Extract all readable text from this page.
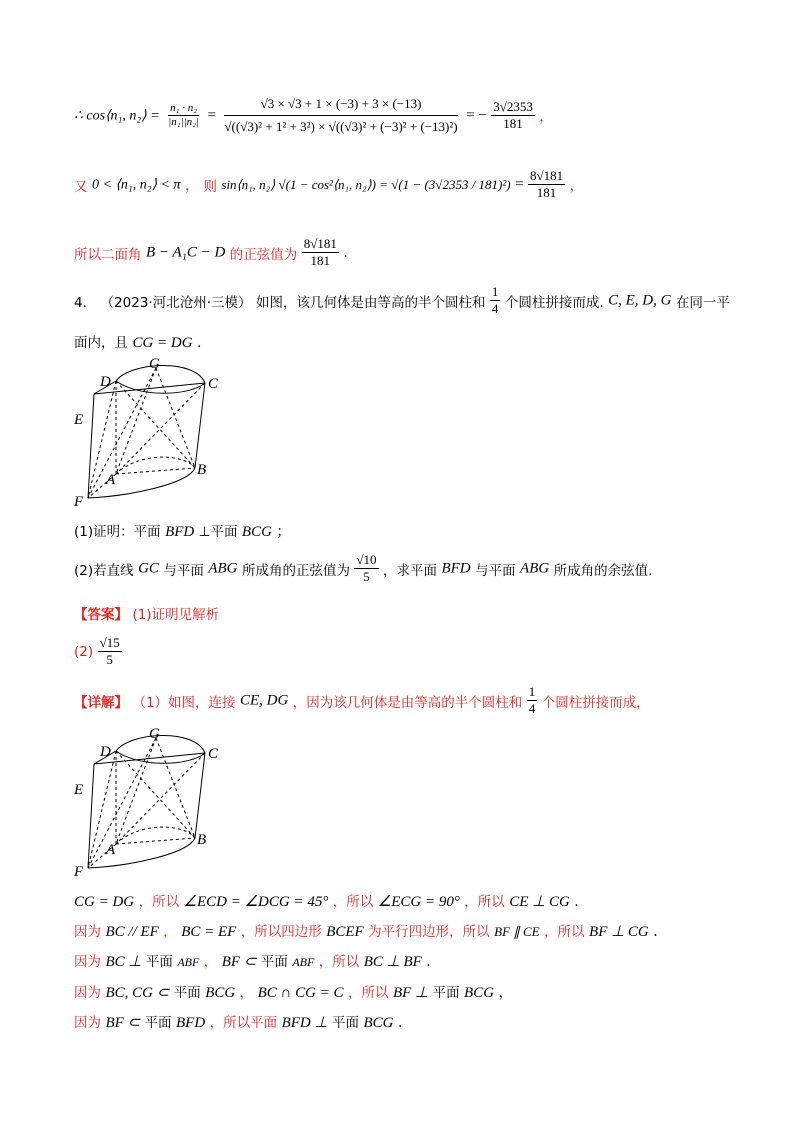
∴ cos⟨n₁, n₂⟩ = $\frac{\text{n₁ · n₂}}{\text{|n₁||n₂|}} = \frac{√3 \times √3 + 1 \times (-3) + 3 \times (-13)}{\text{√((√3)² + 1² + 3²) × √((√3)² + (−3)² + (−13)²)}}$ = − $\frac{3√2353}{181}$ ，
又 0 < ⟨n₁, n₂⟩ < π ， 则 sin⟨n₁, n₂⟩ √(1 − cos²⟨n₁, n₂⟩) = $√(1 - (3√2353 / 181)^2) = \frac{8√181}{181}$ ，
所以二面角 B − A₁C − D 的正弦值为 $\frac{8√181}{181}$ .
4． （2023·河北沧州·三模） 如图，该几何体是由等高的半个圆柱和 $\frac{1}{4}$ 个圆柱拼接而成. C, E, D, G 在同一平
面内，且 CG = DG .
D
G
C
E
A
B
F
(1)证明：平面 BFD ⊥平面 BCG ；
(2)若直线 GC 与平面 ABG 所成角的正弦值为 $\frac{√10}{5}$ ，求平面 BFD 与平面 ABG 所成角的余弦值.
【答案】 (1)证明见解析
$(2) \frac{√15}{5}$
【详解】 （1）如图，连接 CE, DG ，因为该几何体是由等高的半个圆柱和 $\frac{1}{4}$ 个圆柱拼接而成，
D
G
C
E
A
B
F
CG = DG ，所以 ∠ECD = ∠DCG = 45° ，所以 ∠ECG = 90° ，所以 CE ⊥ CG .
因为 BC // EF ， BC = EF ，所以四边形 BCEF 为平行四边形，所以 BF ∥ CE ，所以 BF ⊥ CG .
因为 BC ⊥ 平面 ABF ， BF ⊂ 平面 ABF ，所以 BC ⊥ BF .
因为 BC, CG ⊂ 平面 BCG ， BC ∩ CG = C ，所以 BF ⊥ 平面 BCG ，
因为 BF ⊂ 平面 BFD ，所以平面 BFD ⊥ 平面 BCG .
